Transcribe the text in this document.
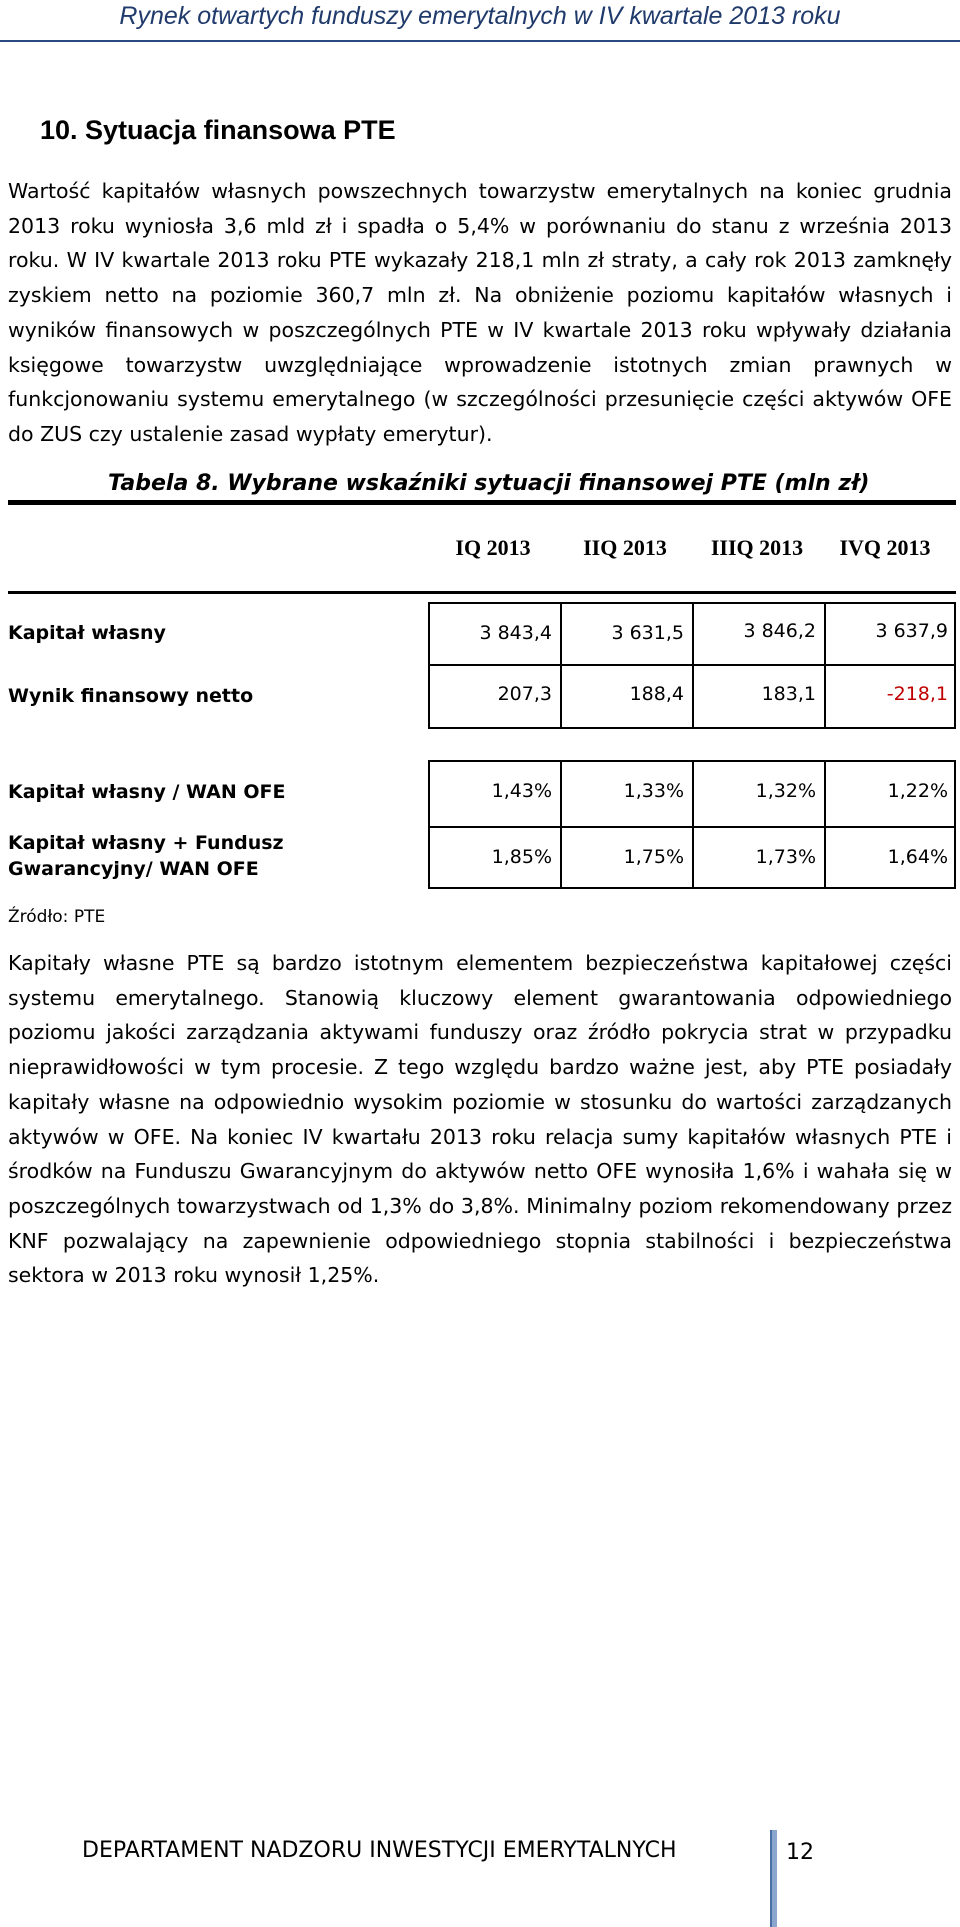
Rynek otwartych funduszy emerytalnych w IV kwartale 2013 roku
10. Sytuacja finansowa PTE
Wartość kapitałów własnych powszechnych towarzystw emerytalnych na koniec grudnia 2013 roku wyniosła 3,6 mld zł i spadła o 5,4% w porównaniu do stanu z września 2013 roku. W IV kwartale 2013 roku PTE wykazały 218,1 mln zł straty, a cały rok 2013 zamknęły zyskiem netto na poziomie 360,7 mln zł. Na obniżenie poziomu kapitałów własnych i wyników finansowych w poszczególnych PTE w IV kwartale 2013 roku wpływały działania księgowe towarzystw uwzględniające wprowadzenie istotnych zmian prawnych w funkcjonowaniu systemu emerytalnego (w szczególności przesunięcie części aktywów OFE do ZUS czy ustalenie zasad wypłaty emerytur).
Tabela 8. Wybrane wskaźniki sytuacji finansowej PTE (mln zł)
IQ 2013	IIQ 2013	IIIQ 2013	IVQ 2013
Kapitał własny	3 843,4	3 631,5	3 846,2	3 637,9
Wynik finansowy netto	207,3	188,4	183,1	-218,1
Kapitał własny / WAN OFE	1,43%	1,33%	1,32%	1,22%
Kapitał własny + Fundusz
Gwarancyjny/ WAN OFE
1,85%	1,75%	1,73%	1,64%
Źródło: PTE
Kapitały własne PTE są bardzo istotnym elementem bezpieczeństwa kapitałowej części systemu emerytalnego. Stanowią kluczowy element gwarantowania odpowiedniego poziomu jakości zarządzania aktywami funduszy oraz źródło pokrycia strat w przypadku nieprawidłowości w tym procesie. Z tego względu bardzo ważne jest, aby PTE posiadały kapitały własne na odpowiednio wysokim poziomie w stosunku do wartości zarządzanych aktywów w OFE. Na koniec IV kwartału 2013 roku relacja sumy kapitałów własnych PTE i środków na Funduszu Gwarancyjnym do aktywów netto OFE wynosiła 1,6% i wahała się w poszczególnych towarzystwach od 1,3% do 3,8%. Minimalny poziom rekomendowany przez KNF pozwalający na zapewnienie odpowiedniego stopnia stabilności i bezpieczeństwa sektora w 2013 roku wynosił 1,25%.
DEPARTAMENT NADZORU INWESTYCJI EMERYTALNYCH	12
